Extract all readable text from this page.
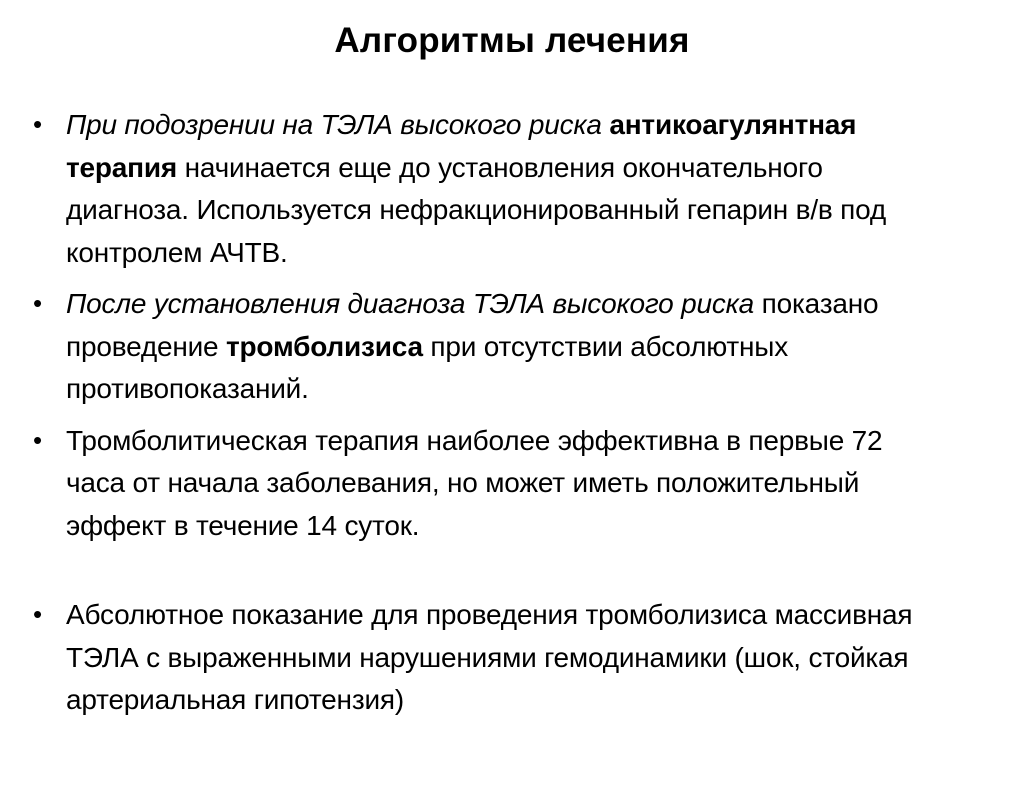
Алгоритмы лечения
• При подозрении на ТЭЛА высокого риска антикоагулянтная терапия начинается еще до установления окончательного диагноза. Используется нефракционированный гепарин в/в под контролем АЧТВ.
• После установления диагноза ТЭЛА высокого риска показано проведение тромболизиса при отсутствии абсолютных противопоказаний.
• Тромболитическая терапия наиболее эффективна в первые 72 часа от начала заболевания, но может иметь положительный эффект в течение 14 суток.
• Абсолютное показание для проведения тромболизиса массивная ТЭЛА с выраженными нарушениями гемодинамики (шок, стойкая артериальная гипотензия)
